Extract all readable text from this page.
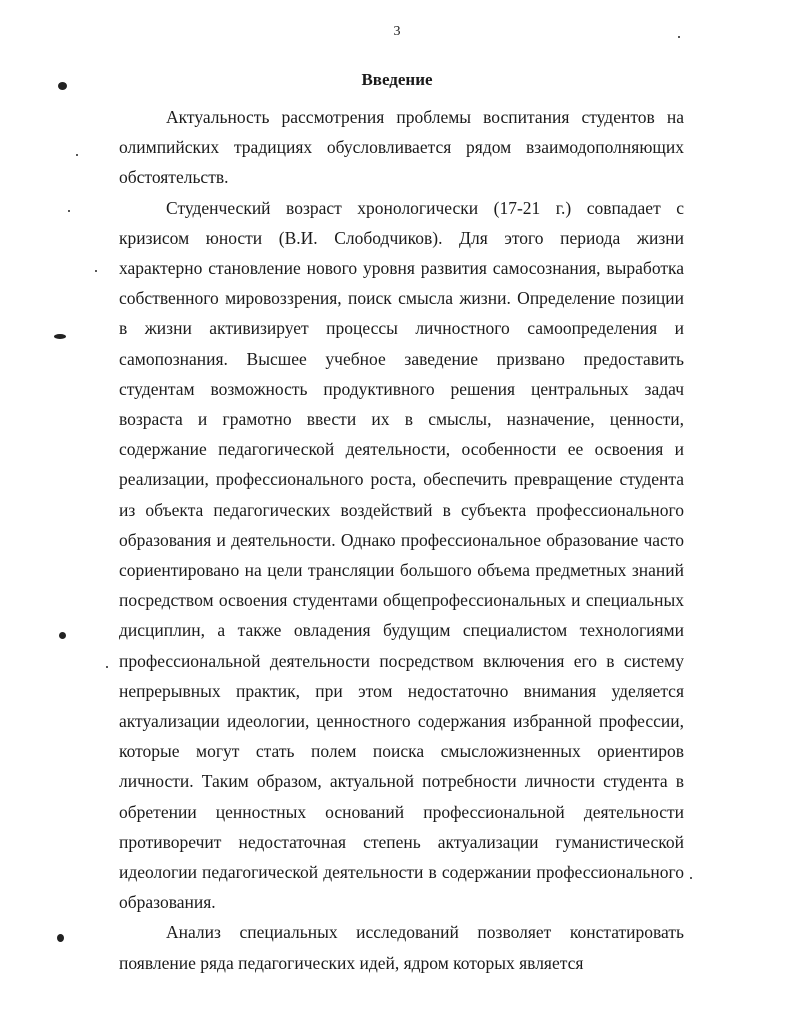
3
Введение

Актуальность рассмотрения проблемы воспитания студентов на олимпийских традициях обусловливается рядом взаимодополняющих обстоятельств.

Студенческий возраст хронологически (17-21 г.) совпадает с кризисом юности (В.И. Слободчиков). Для этого периода жизни характерно становление нового уровня развития самосознания, выработка собственного мировоззрения, поиск смысла жизни. Определение позиции в жизни активизирует процессы личностного самоопределения и самопознания. Высшее учебное заведение призвано предоставить студентам возможность продуктивного решения центральных задач возраста и грамотно ввести их в смыслы, назначение, ценности, содержание педагогической деятельности, особенности ее освоения и реализации, профессионального роста, обеспечить превращение студента из объекта педагогических воздействий в субъекта профессионального образования и деятельности. Однако профессиональное образование часто сориентировано на цели трансляции большого объема предметных знаний посредством освоения студентами общепрофессиональных и специальных дисциплин, а также овладения будущим специалистом технологиями профессиональной деятельности посредством включения его в систему непрерывных практик, при этом недостаточно внимания уделяется актуализации идеологии, ценностного содержания избранной профессии, которые могут стать полем поиска смысложизненных ориентиров личности. Таким образом, актуальной потребности личности студента в обретении ценностных оснований профессиональной деятельности противоречит недостаточная степень актуализации гуманистической идеологии педагогической деятельности в содержании профессионального образования.

Анализ специальных исследований позволяет констатировать появление ряда педагогических идей, ядром которых является
